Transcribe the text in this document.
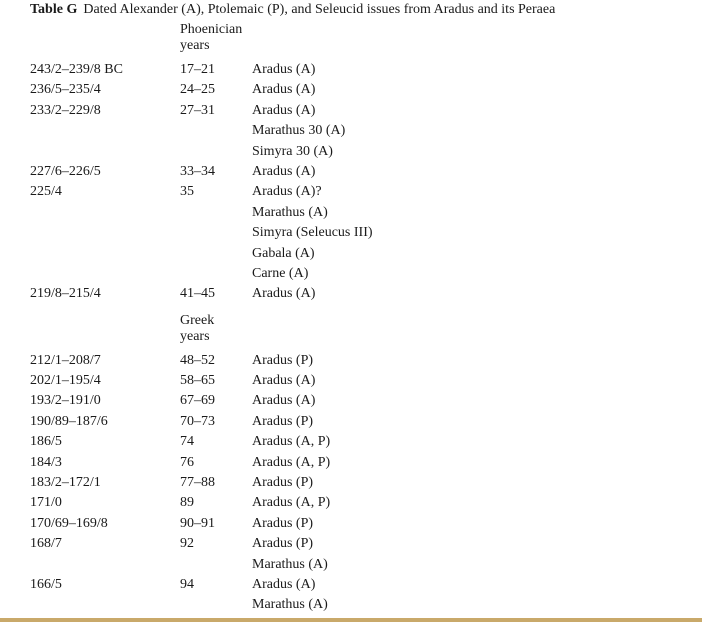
Table G Dated Alexander (A), Ptolemaic (P), and Seleucid issues from Aradus and its Peraea
Phoenician
years
243/2–239/8 BC	17–21	Aradus (A)
236/5–235/4	24–25	Aradus (A)
233/2–229/8	27–31	Aradus (A)
Marathus 30 (A)
Simyra 30 (A)
227/6–226/5	33–34	Aradus (A)
225/4	35	Aradus (A)?
Marathus (A)
Simyra (Seleucus III)
Gabala (A)
Carne (A)
219/8–215/4	41–45	Aradus (A)
Greek
years
212/1–208/7	48–52	Aradus (P)
202/1–195/4	58–65	Aradus (A)
193/2–191/0	67–69	Aradus (A)
190/89–187/6	70–73	Aradus (P)
186/5	74	Aradus (A, P)
184/3	76	Aradus (A, P)
183/2–172/1	77–88	Aradus (P)
171/0	89	Aradus (A, P)
170/69–169/8	90–91	Aradus (P)
168/7	92	Aradus (P)
Marathus (A)
166/5	94	Aradus (A)
Marathus (A)
